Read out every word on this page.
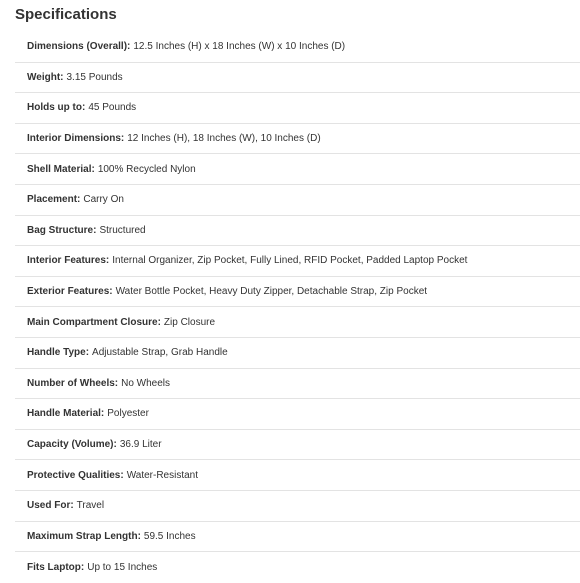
Specifications
Dimensions (Overall): 12.5 Inches (H) x 18 Inches (W) x 10 Inches (D)
Weight: 3.15 Pounds
Holds up to: 45 Pounds
Interior Dimensions: 12 Inches (H), 18 Inches (W), 10 Inches (D)
Shell Material: 100% Recycled Nylon
Placement: Carry On
Bag Structure: Structured
Interior Features: Internal Organizer, Zip Pocket, Fully Lined, RFID Pocket, Padded Laptop Pocket
Exterior Features: Water Bottle Pocket, Heavy Duty Zipper, Detachable Strap, Zip Pocket
Main Compartment Closure: Zip Closure
Handle Type: Adjustable Strap, Grab Handle
Number of Wheels: No Wheels
Handle Material: Polyester
Capacity (Volume): 36.9 Liter
Protective Qualities: Water-Resistant
Used For: Travel
Maximum Strap Length: 59.5 Inches
Fits Laptop: Up to 15 Inches
